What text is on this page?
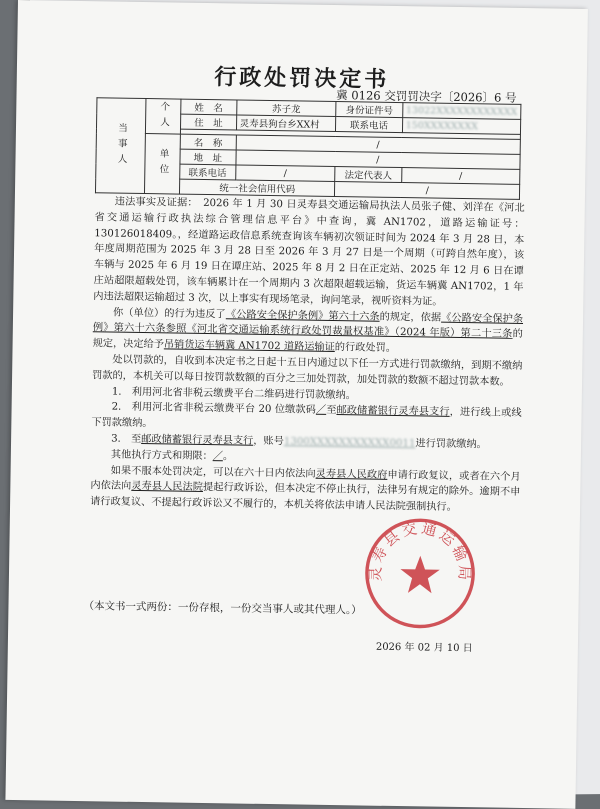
行政处罚决定书
冀 0126 交罚罚决字〔2026〕6 号
当事人	个人	姓　名	苏子龙	身份证件号	13022XXXXXXXXXXXX
		住　址	灵寿县狗台乡XX村	联系电话	150XXXXXXXX

	单位	名　称	/		
		地　址	/		
		联系电话	/	法定代表人	/
		统一社会信用代码		/	

违法事实及证据：　2026 年 1 月 30 日灵寿县交通运输局执法人员张子健、刘洋在《河北省交通运输行政执法综合管理信息平台》中查询，冀 AN1702，道路运输证号：130126018409。，经道路运政信息系统查询该车辆初次领证时间为 2024 年 3 月 28 日，本年度周期范围为 2025 年 3 月 28 日至 2026 年 3 月 27 日是一个周期（可跨自然年度），该车辆与 2025 年 6 月 19 日在谭庄站、2025 年 8 月 2 日在正定站、2025 年 12 月 6 日在谭庄站超限超载处罚，该车辆累计在一个周期内 3 次超限超载运输，货运车辆冀 AN1702，1 年内违法超限运输超过 3 次，以上事实有现场笔录，询问笔录，视听资料为证。

你（单位）的行为违反了《公路安全保护条例》第六十六条的规定，依据《公路安全保护条例》第六十六条参照《河北省交通运输系统行政处罚裁量权基准》（2024 年版）第二十三条的规定，决定给予吊销货运车辆冀 AN1702 道路运输证的行政处罚。

处以罚款的，自收到本决定书之日起十五日内通过以下任一方式进行罚款缴纳，到期不缴纳罚款的，本机关可以每日按罚款数额的百分之三加处罚款，加处罚款的数额不超过罚款本数。

1.　利用河北省非税云缴费平台二维码进行罚款缴纳。

2.　利用河北省非税云缴费平台 20 位缴款码／至邮政储蓄银行灵寿县支行，进行线上或线下罚款缴纳。

3.　至邮政储蓄银行灵寿县支行，账号1300XXXXXXXXXXX0011进行罚款缴纳。

其他执行方式和期限：／。

如果不服本处罚决定，可以在六十日内依法向灵寿县人民政府申请行政复议，或者在六个月内依法向灵寿县人民法院提起行政诉讼，但本决定不停止执行，法律另有规定的除外。逾期不申请行政复议、不提起行政诉讼又不履行的，本机关将依法申请人民法院强制执行。

灵寿县交通运输局
2026 年 02 月 10 日
（本文书一式两份：一份存根，一份交当事人或其代理人。）
